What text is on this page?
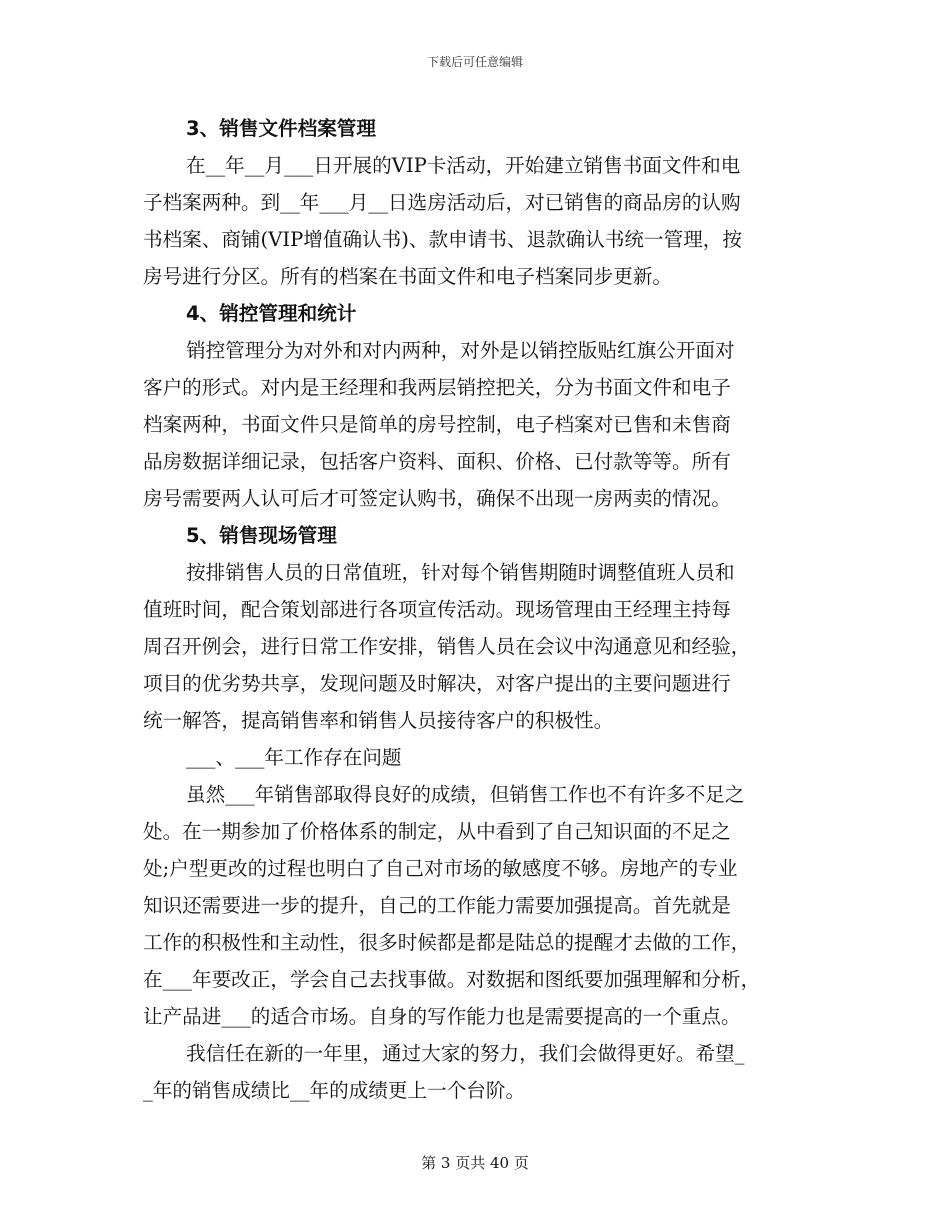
下载后可任意编辑
3、销售文件档案管理
在__年__月___日开展的VIP卡活动，开始建立销售书面文件和电
子档案两种。到__年___月__日选房活动后，对已销售的商品房的认购
书档案、商铺(VIP增值确认书)、款申请书、退款确认书统一管理，按
房号进行分区。所有的档案在书面文件和电子档案同步更新。
4、销控管理和统计
销控管理分为对外和对内两种，对外是以销控版贴红旗公开面对
客户的形式。对内是王经理和我两层销控把关，分为书面文件和电子
档案两种，书面文件只是简单的房号控制，电子档案对已售和未售商
品房数据详细记录，包括客户资料、面积、价格、已付款等等。所有
房号需要两人认可后才可签定认购书，确保不出现一房两卖的情况。
5、销售现场管理
按排销售人员的日常值班，针对每个销售期随时调整值班人员和
值班时间，配合策划部进行各项宣传活动。现场管理由王经理主持每
周召开例会，进行日常工作安排，销售人员在会议中沟通意见和经验，
项目的优劣势共享，发现问题及时解决，对客户提出的主要问题进行
统一解答，提高销售率和销售人员接待客户的积极性。
___、___年工作存在问题
虽然___年销售部取得良好的成绩，但销售工作也不有许多不足之
处。在一期参加了价格体系的制定，从中看到了自己知识面的不足之
处;户型更改的过程也明白了自己对市场的敏感度不够。房地产的专业
知识还需要进一步的提升，自己的工作能力需要加强提高。首先就是
工作的积极性和主动性，很多时候都是都是陆总的提醒才去做的工作，
在___年要改正，学会自己去找事做。对数据和图纸要加强理解和分析，
让产品进___的适合市场。自身的写作能力也是需要提高的一个重点。
我信任在新的一年里，通过大家的努力，我们会做得更好。希望_
_年的销售成绩比__年的成绩更上一个台阶。
第 3 页共 40 页
